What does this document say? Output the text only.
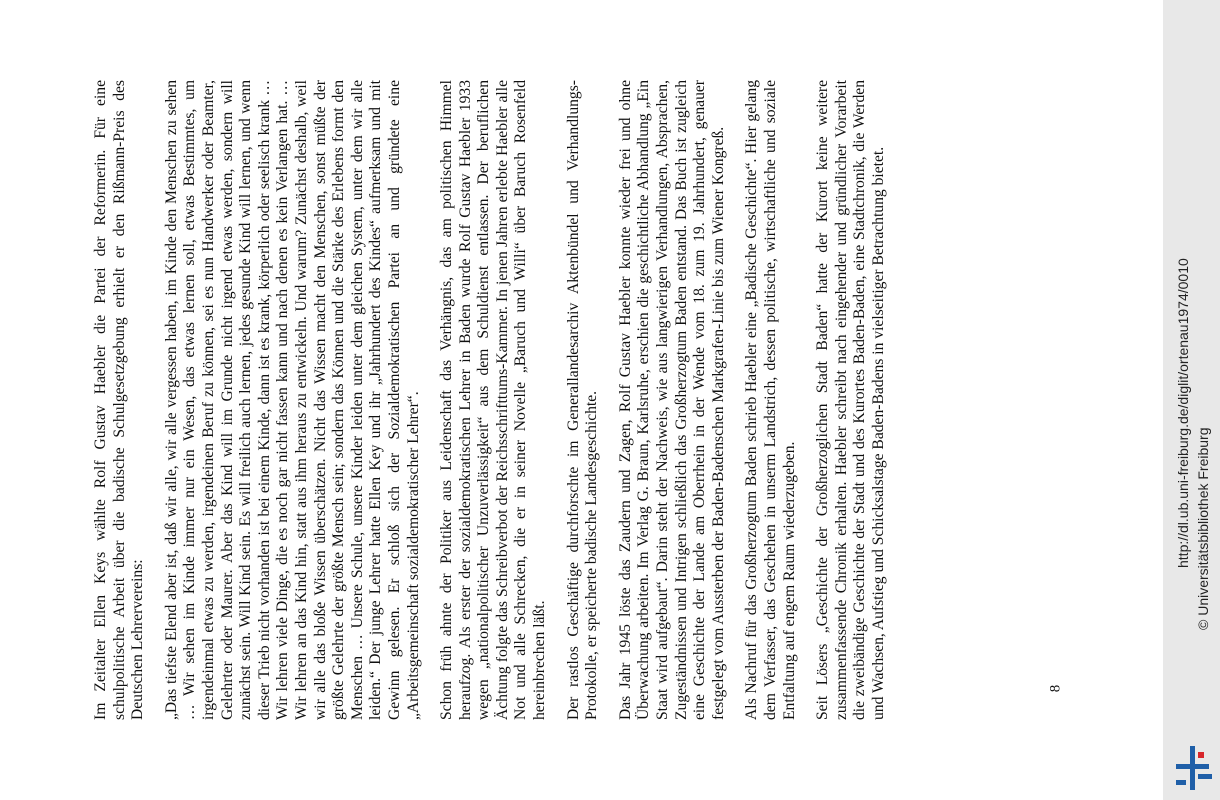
Im Zeitalter Ellen Keys wählte Rolf Gustav Haebler die Partei der Reformerin. Für eine schulpolitische Arbeit über die badische Schulgesetzgebung erhielt er den Rißmann-Preis des Deutschen Lehrervereins: „Das tiefste Elend aber ist, daß wir alle, wir alle vergessen haben, im Kinde den Menschen zu sehen … Wir sehen im Kinde immer nur ein Wesen, das etwas lernen soll, etwas Bestimmtes, um irgendeinmal etwas zu werden, irgendeinen Beruf zu können, sei es nun Handwerker oder Beamter, Gelehrter oder Maurer. Aber das Kind will im Grunde nicht irgend etwas werden, sondern will zunächst sein. Will Kind sein. Es will freilich auch lernen, jedes gesunde Kind will lernen, und wenn dieser Trieb nicht vorhanden ist bei einem Kinde, dann ist es krank, körperlich oder seelisch krank … Wir lehren viele Dinge, die es noch gar nicht fassen kann und nach denen es kein Verlangen hat. … Wir lehren an das Kind hin, statt aus ihm heraus zu entwickeln. Und warum? Zunächst deshalb, weil wir alle das bloße Wissen überschätzen. Nicht das Wissen macht den Menschen, sonst müßte der größte Gelehrte der größte Mensch sein; sondern das Können und die Stärke des Erlebens formt den Menschen … Unsere Schule, unsere Kinder leiden unter dem gleichen System, unter dem wir alle leiden.“ Der junge Lehrer hatte Ellen Key und ihr „Jahrhundert des Kindes“ aufmerksam und mit Gewinn gelesen. Er schloß sich der Sozialdemokratischen Partei an und gründete eine „Arbeitsgemeinschaft sozialdemokratischer Lehrer“. Schon früh ahnte der Politiker aus Leidenschaft das Verhängnis, das am politischen Himmel heraufzog. Als erster der sozialdemokratischen Lehrer in Baden wurde Rolf Gustav Haebler 1933 wegen „nationalpolitischer Unzuverlässigkeit“ aus dem Schuldienst entlassen. Der beruflichen Ächtung folgte das Schreibverbot der Reichsschrifttums-Kammer. In jenen Jahren erlebte Haebler alle Not und alle Schrecken, die er in seiner Novelle „Baruch und Willi“ über Baruch Rosenfeld hereinbrechen läßt. Der rastlos Geschäftige durchforschte im Generallandesarchiv Aktenbündel und Verhandlungs-Protokolle, er speicherte badische Landesgeschichte. Das Jahr 1945 löste das Zaudern und Zagen, Rolf Gustav Haebler konnte wieder frei und ohne Überwachung arbeiten. Im Verlag G. Braun, Karlsruhe, erschien die geschichtliche Abhandlung „Ein Staat wird aufgebaut“. Darin steht der Nachweis, wie aus langwierigen Verhandlungen, Absprachen, Zugeständnissen und Intrigen schließlich das Großherzogtum Baden entstand. Das Buch ist zugleich eine Geschichte der Lande am Oberrhein in der Wende vom 18. zum 19. Jahrhundert, genauer festgelegt vom Aussterben der Baden-Badenschen Markgrafen-Linie bis zum Wiener Kongreß. Als Nachruf für das Großherzogtum Baden schrieb Haebler eine „Badische Geschichte“. Hier gelang dem Verfasser, das Geschehen in unserm Landstrich, dessen politische, wirtschaftliche und soziale Entfaltung auf engem Raum wiederzugeben. Seit Lösers „Geschichte der Großherzoglichen Stadt Baden“ hatte der Kurort keine weitere zusammenfassende Chronik erhalten. Haebler schreibt nach eingehender und gründlicher Vorarbeit die zweibändige Geschichte der Stadt und des Kurortes Baden-Baden, eine Stadtchronik, die Werden und Wachsen, Aufstieg und Schicksalstage Baden-Badens in vielseitiger Betrachtung bietet.	8
http://dl.ub.uni-freiburg.de/diglit/ortenau1974/0010 © Universitätsbibliothek Freiburg
